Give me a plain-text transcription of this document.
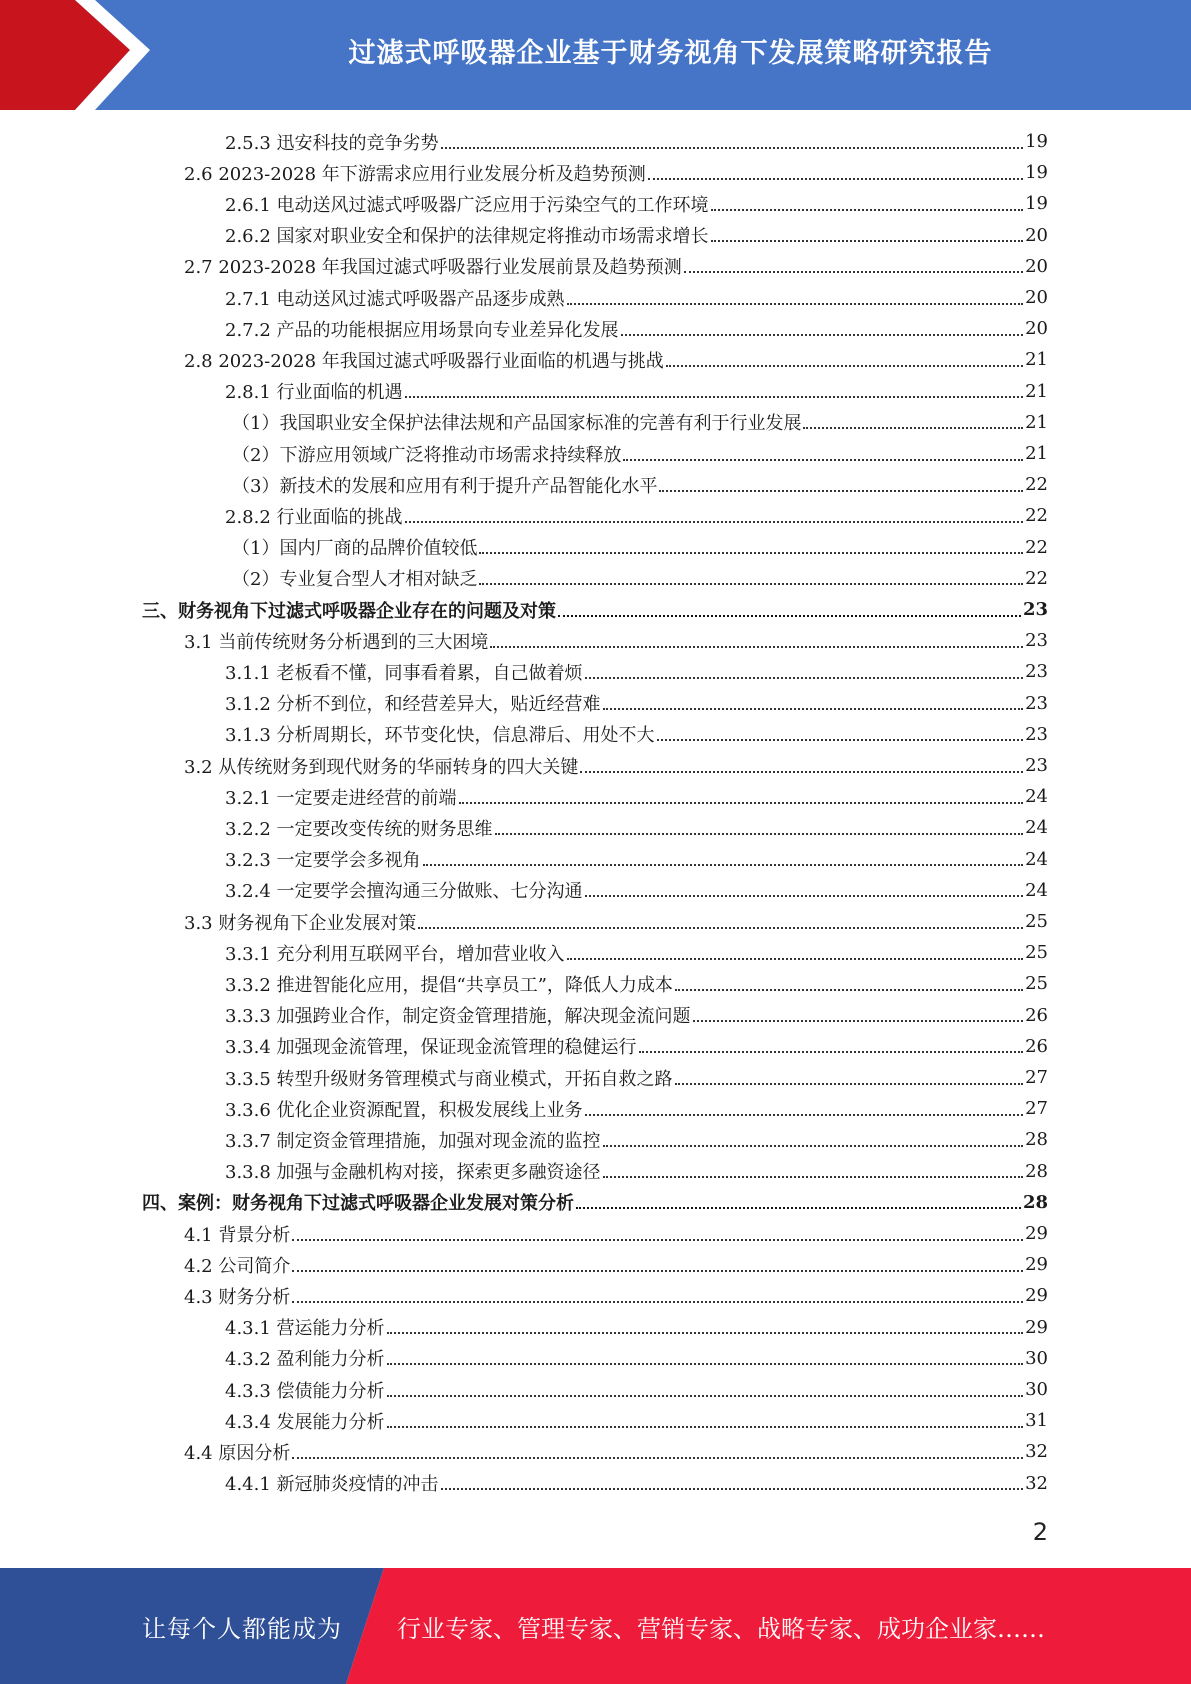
过滤式呼吸器企业基于财务视角下发展策略研究报告
2.5.3 迅安科技的竞争劣势	19
2.6 2023-2028 年下游需求应用行业发展分析及趋势预测	19
2.6.1 电动送风过滤式呼吸器广泛应用于污染空气的工作环境	19
2.6.2 国家对职业安全和保护的法律规定将推动市场需求增长	20
2.7 2023-2028 年我国过滤式呼吸器行业发展前景及趋势预测	20
2.7.1 电动送风过滤式呼吸器产品逐步成熟	20
2.7.2 产品的功能根据应用场景向专业差异化发展	20
2.8 2023-2028 年我国过滤式呼吸器行业面临的机遇与挑战	21
2.8.1 行业面临的机遇	21
（1）我国职业安全保护法律法规和产品国家标准的完善有利于行业发展	21
（2）下游应用领域广泛将推动市场需求持续释放	21
（3）新技术的发展和应用有利于提升产品智能化水平	22
2.8.2 行业面临的挑战	22
（1）国内厂商的品牌价值较低	22
（2）专业复合型人才相对缺乏	22
三、财务视角下过滤式呼吸器企业存在的问题及对策	23
3.1 当前传统财务分析遇到的三大困境	23
3.1.1 老板看不懂，同事看着累，自己做着烦	23
3.1.2 分析不到位，和经营差异大，贴近经营难	23
3.1.3 分析周期长，环节变化快，信息滞后、用处不大	23
3.2 从传统财务到现代财务的华丽转身的四大关键	23
3.2.1 一定要走进经营的前端	24
3.2.2 一定要改变传统的财务思维	24
3.2.3 一定要学会多视角	24
3.2.4 一定要学会擅沟通三分做账、七分沟通	24
3.3 财务视角下企业发展对策	25
3.3.1 充分利用互联网平台，增加营业收入	25
3.3.2 推进智能化应用，提倡“共享员工”，降低人力成本	25
3.3.3 加强跨业合作，制定资金管理措施，解决现金流问题	26
3.3.4 加强现金流管理，保证现金流管理的稳健运行	26
3.3.5 转型升级财务管理模式与商业模式，开拓自救之路	27
3.3.6 优化企业资源配置，积极发展线上业务	27
3.3.7 制定资金管理措施，加强对现金流的监控	28
3.3.8 加强与金融机构对接，探索更多融资途径	28
四、案例：财务视角下过滤式呼吸器企业发展对策分析	28
4.1 背景分析	29
4.2 公司简介	29
4.3 财务分析	29
4.3.1 营运能力分析	29
4.3.2 盈利能力分析	30
4.3.3 偿债能力分析	30
4.3.4 发展能力分析	31
4.4 原因分析	32
4.4.1 新冠肺炎疫情的冲击	32
2
让每个人都能成为 行业专家、管理专家、营销专家、战略专家、成功企业家……
